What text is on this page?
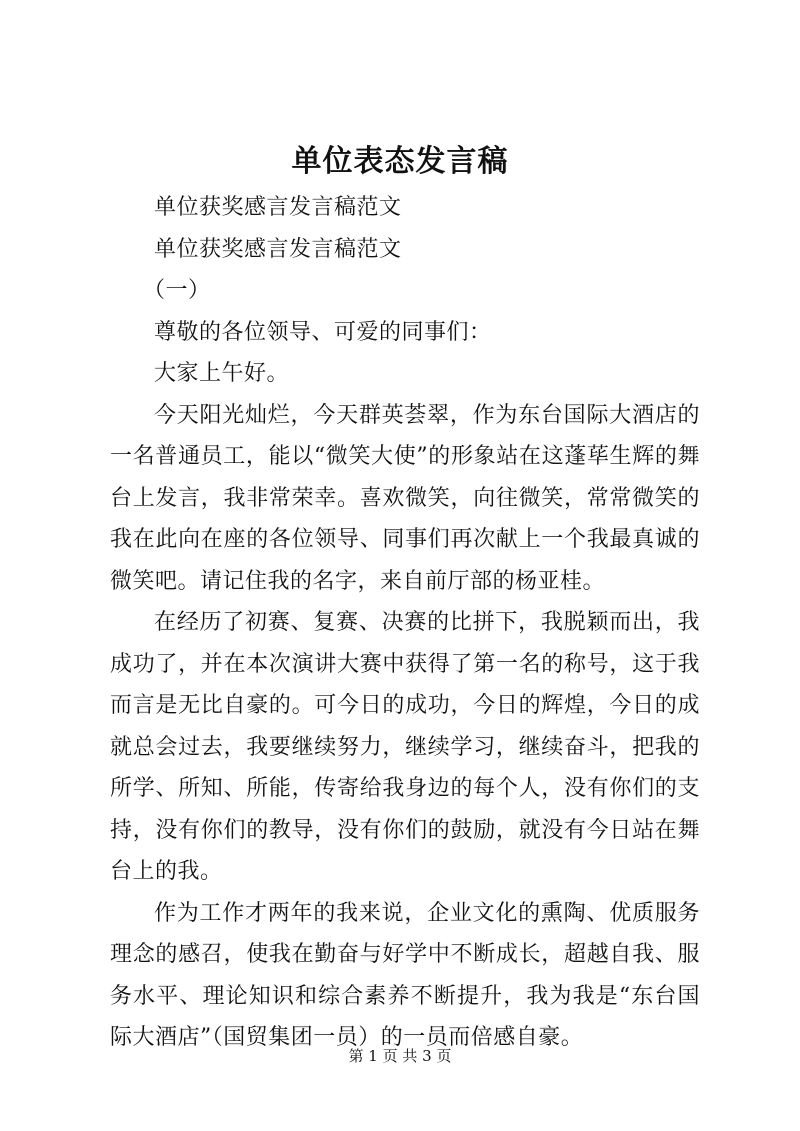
单位表态发言稿

单位获奖感言发言稿范文

单位获奖感言发言稿范文

（一）

尊敬的各位领导、可爱的同事们：

大家上午好。

今天阳光灿烂，今天群英荟翠，作为东台国际大酒店的一名普通员工，能以“微笑大使”的形象站在这蓬荜生辉的舞台上发言，我非常荣幸。喜欢微笑，向往微笑，常常微笑的我在此向在座的各位领导、同事们再次献上一个我最真诚的微笑吧。请记住我的名字，来自前厅部的杨亚桂。

在经历了初赛、复赛、决赛的比拼下，我脱颖而出，我成功了，并在本次演讲大赛中获得了第一名的称号，这于我而言是无比自豪的。可今日的成功，今日的辉煌，今日的成就总会过去，我要继续努力，继续学习，继续奋斗，把我的所学、所知、所能，传寄给我身边的每个人，没有你们的支持，没有你们的教导，没有你们的鼓励，就没有今日站在舞台上的我。

作为工作才两年的我来说，企业文化的熏陶、优质服务理念的感召，使我在勤奋与好学中不断成长，超越自我、服务水平、理论知识和综合素养不断提升，我为我是“东台国际大酒店”（国贸集团一员）的一员而倍感自豪。

第 1 页 共 3 页
